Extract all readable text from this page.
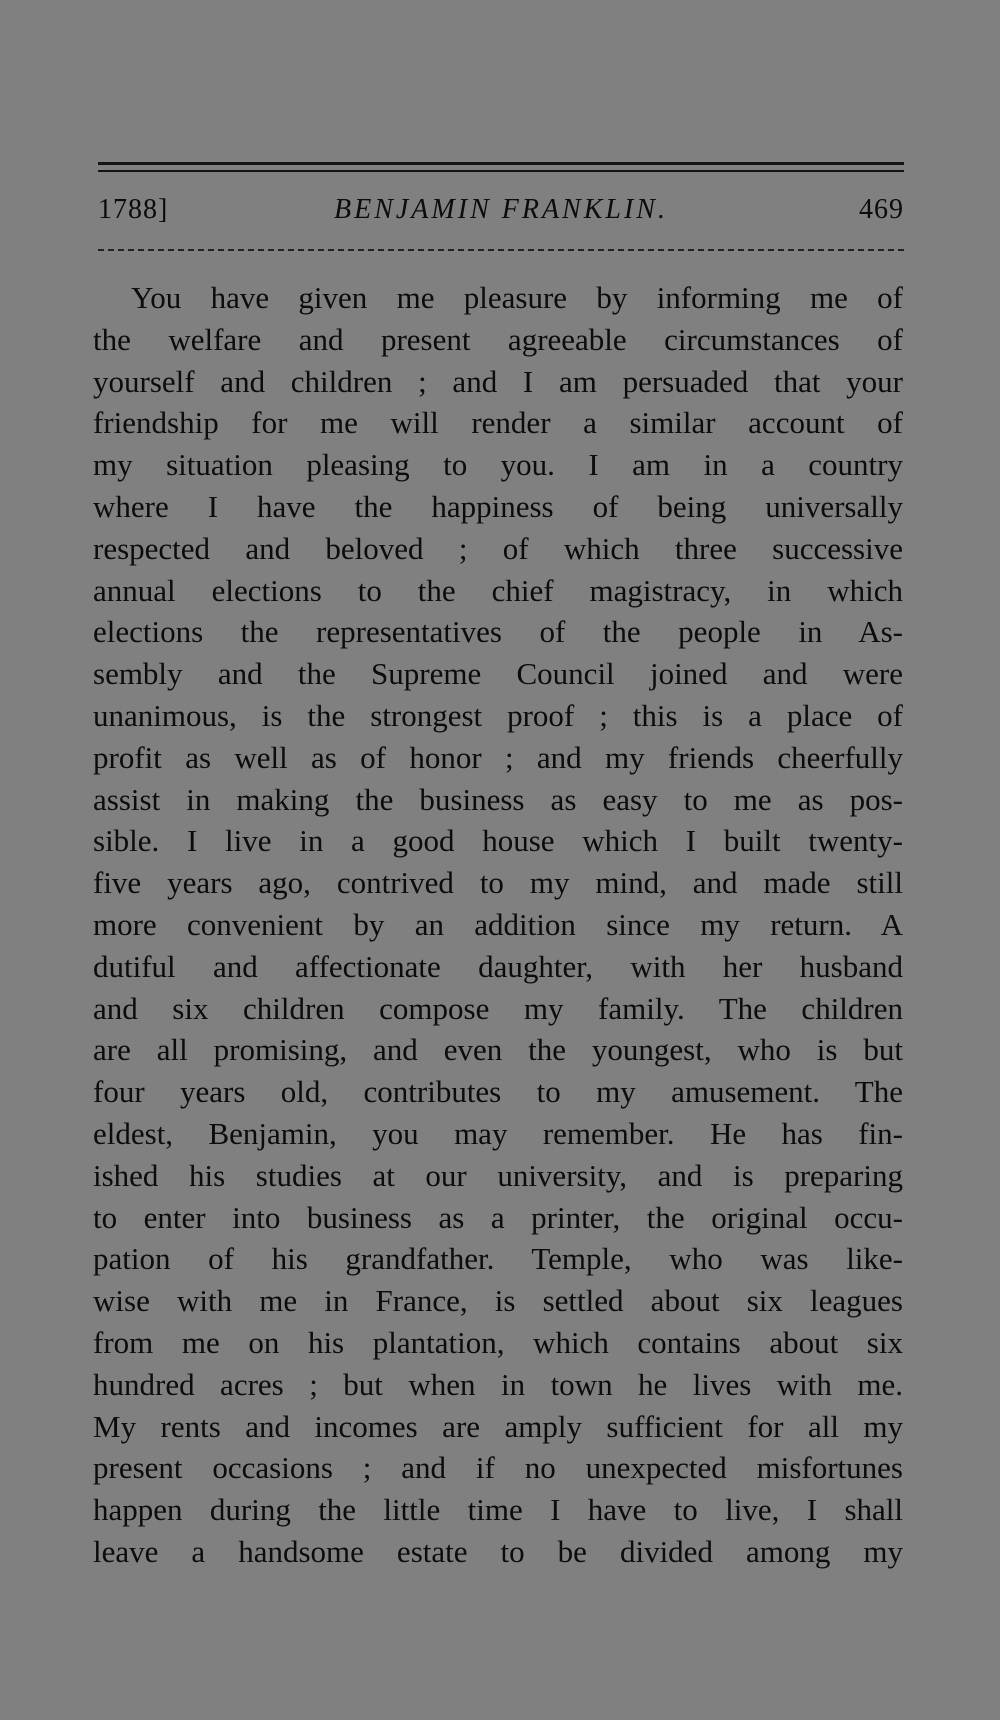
1788]	BENJAMIN FRANKLIN.	469
You have given me pleasure by informing me of
the welfare and present agreeable circumstances of
yourself and children ; and I am persuaded that your
friendship for me will render a similar account of
my situation pleasing to you. I am in a country
where I have the happiness of being universally
respected and beloved ; of which three successive
annual elections to the chief magistracy, in which
elections the representatives of the people in As-
sembly and the Supreme Council joined and were
unanimous, is the strongest proof ; this is a place of
profit as well as of honor ; and my friends cheerfully
assist in making the business as easy to me as pos-
sible. I live in a good house which I built twenty-
five years ago, contrived to my mind, and made still
more convenient by an addition since my return. A
dutiful and affectionate daughter, with her husband
and six children compose my family. The children
are all promising, and even the youngest, who is but
four years old, contributes to my amusement. The
eldest, Benjamin, you may remember. He has fin-
ished his studies at our university, and is preparing
to enter into business as a printer, the original occu-
pation of his grandfather. Temple, who was like-
wise with me in France, is settled about six leagues
from me on his plantation, which contains about six
hundred acres ; but when in town he lives with me.
My rents and incomes are amply sufficient for all my
present occasions ; and if no unexpected misfortunes
happen during the little time I have to live, I shall
leave a handsome estate to be divided among my
